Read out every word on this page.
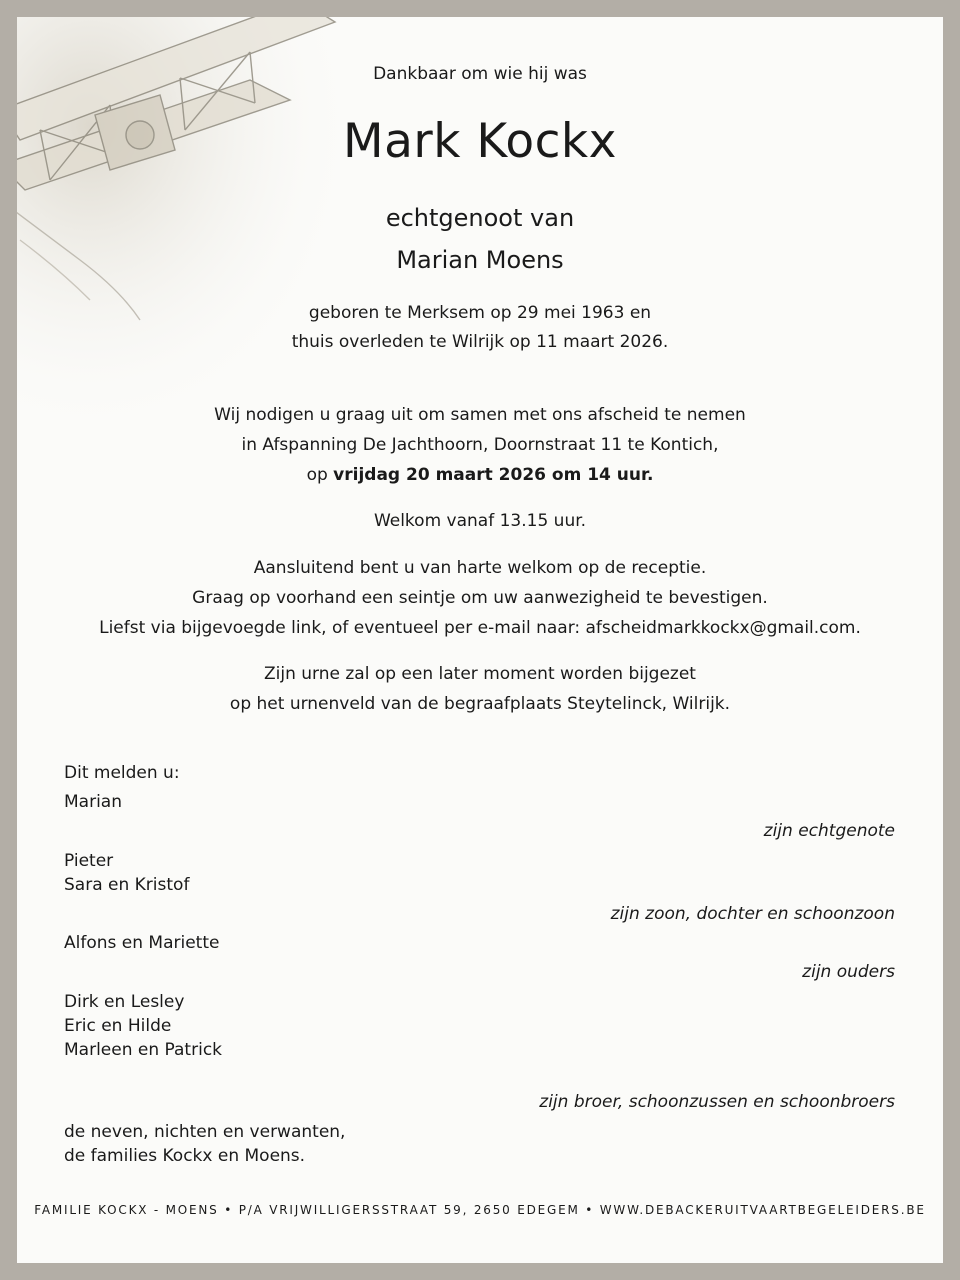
Dankbaar om wie hij was
Mark Kockx
echtgenoot van
Marian Moens
geboren te Merksem op 29 mei 1963 en
thuis overleden te Wilrijk op 11 maart 2026.
Wij nodigen u graag uit om samen met ons afscheid te nemen
in Afspanning De Jachthoorn, Doornstraat 11 te Kontich,
op vrijdag 20 maart 2026 om 14 uur.
Welkom vanaf 13.15 uur.
Aansluitend bent u van harte welkom op de receptie.
Graag op voorhand een seintje om uw aanwezigheid te bevestigen.
Liefst via bijgevoegde link, of eventueel per e-mail naar: afscheidmarkkockx@gmail.com.
Zijn urne zal op een later moment worden bijgezet
op het urnenveld van de begraafplaats Steytelinck, Wilrijk.
Dit melden u:
Marian
zijn echtgenote
Pieter
Sara en Kristof
zijn zoon, dochter en schoonzoon
Alfons en Mariette
zijn ouders
Dirk en Lesley
Eric en Hilde
Marleen en Patrick
zijn broer, schoonzussen en schoonbroers
de neven, nichten en verwanten,
de families Kockx en Moens.
FAMILIE KOCKX - MOENS • P/A VRIJWILLIGERSSTRAAT 59, 2650 EDEGEM • WWW.DEBACKERUITVAARTBEGELEIDERS.BE
